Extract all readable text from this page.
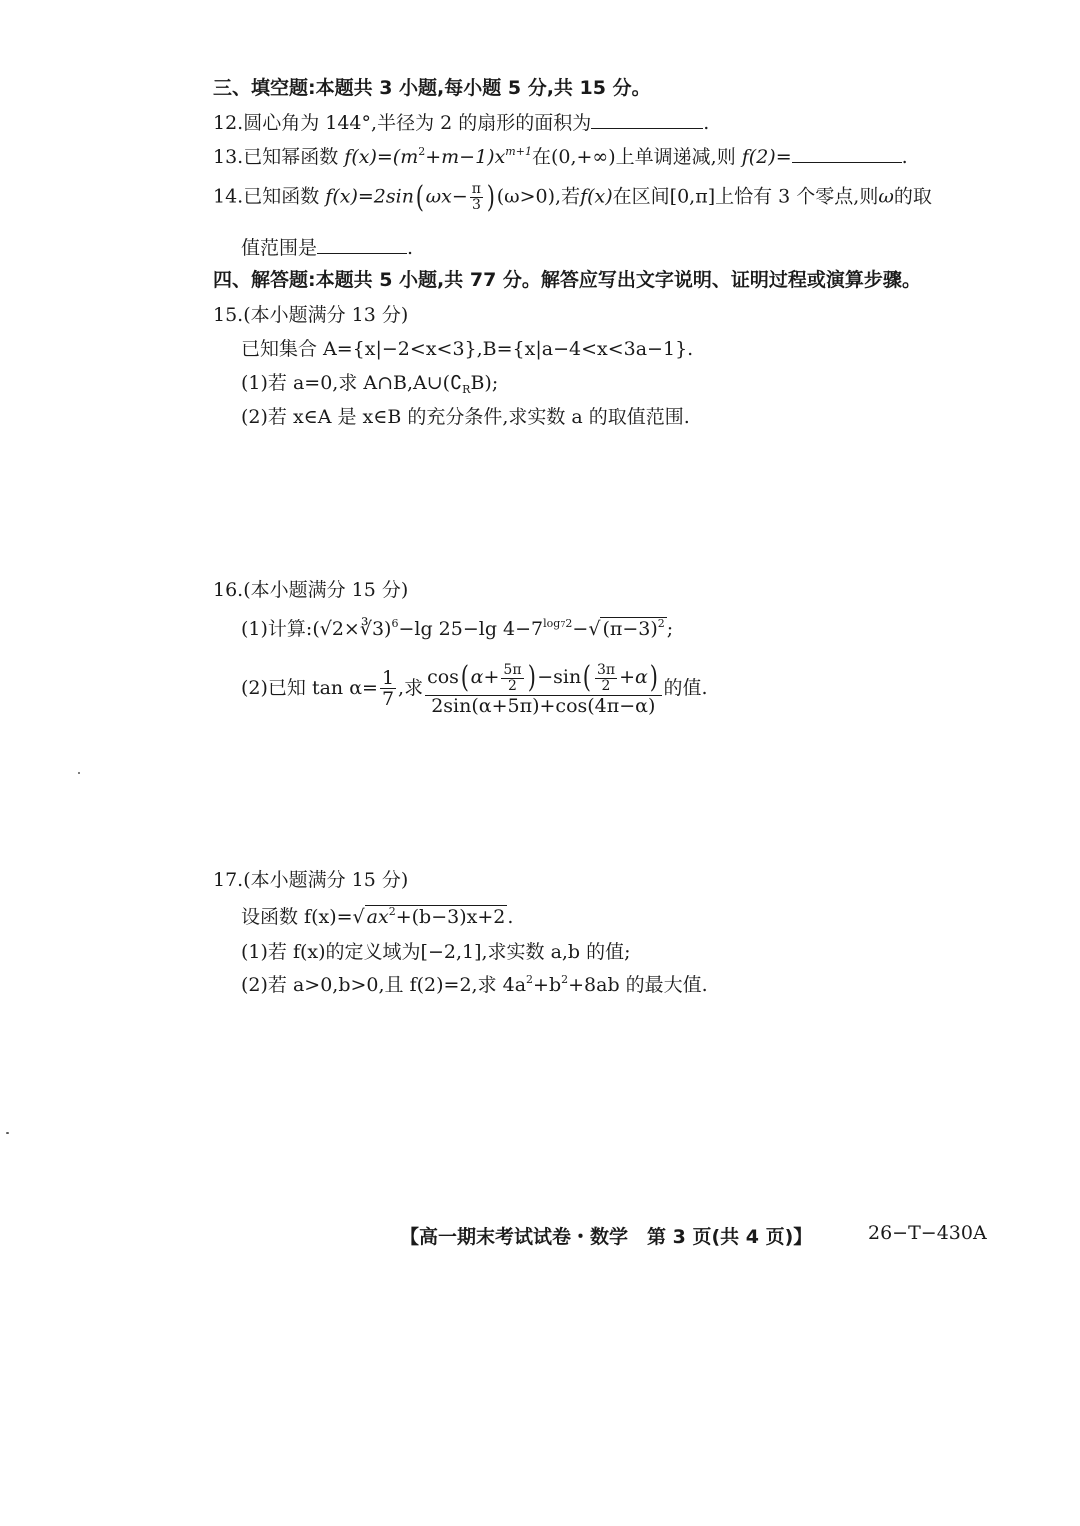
三、填空题:本题共 3 小题,每小题 5 分,共 15 分。
12.圆心角为 144°,半径为 2 的扇形的面积为	.
13.已知幂函数 $f(x)=(m^2+m-1)x^{m+1}$在(0,+∞)上单调递减,则 f(2)=	.
14.已知函数 $f(x)=2\sin(\omega x- \frac{\pi}{3} )(\omega>0)$,若f(x)在区间[0,π]上恰有 3 个零点,则ω的取
值范围是	.
四、解答题:本题共 5 小题,共 77 分。解答应写出文字说明、证明过程或演算步骤。
15.(本小题满分 13 分)
已知集合 A={x|−2<x<3},B={x|a−4<x<3a−1}.
(1)若 a=0,求 $A\cap B,A\cup(∁_RB)$;
(2)若 x∈A 是 x∈B 的充分条件,求实数 a 的取值范围.
16.(本小题满分 15 分)
(1)计算:(√2×∛3)$^6$−lg 25−lg $4-7^{log72}-√$ $(\pi-3)^2$ ;
(2)已知 $\tan \alpha= \frac{1}{7}$ ,求 $\frac{\cos(\alpha+ \frac{5\pi}{2} )-\sin( \frac{3\pi}{2} +\alpha)}{2\sin(\alpha+5\pi)+\cos(4\pi-\alpha)}$ 的值.
17.(本小题满分 15 分)
设函数 f(x)=√ $ax^2+(b-3)x+2$ .
(1)若 f(x)的定义域为[−2,1],求实数 a,b 的值;
(2)若 a>0,b>0,且 f(2)=2,求 $4a^2+b^2+8ab$ 的最大值.
【高一期末考试试卷・数学　第 3 页(共 4 页)】	26−T−430A
